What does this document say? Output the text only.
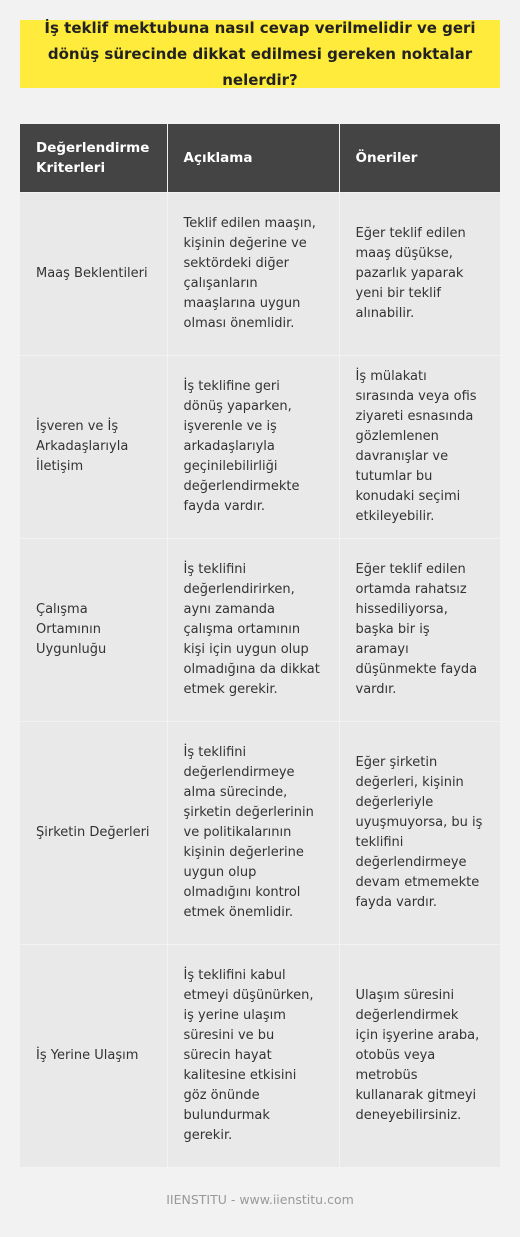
İş teklif mektubuna nasıl cevap verilmelidir ve geri dönüş sürecinde dikkat edilmesi gereken noktalar nelerdir?
Değerlendirme Kriterleri	Açıklama	Öneriler
Maaş Beklentileri	Teklif edilen maaşın, kişinin değerine ve sektördeki diğer çalışanların maaşlarına uygun olması önemlidir.	Eğer teklif edilen maaş düşükse, pazarlık yaparak yeni bir teklif alınabilir.
İşveren ve İş Arkadaşlarıyla İletişim	İş teklifine geri dönüş yaparken, işverenle ve iş arkadaşlarıyla geçinilebilirliği değerlendirmekte fayda vardır.	İş mülakatı sırasında veya ofis ziyareti esnasında gözlemlenen davranışlar ve tutumlar bu konudaki seçimi etkileyebilir.
Çalışma Ortamının Uygunluğu	İş teklifini değerlendirirken, aynı zamanda çalışma ortamının kişi için uygun olup olmadığına da dikkat etmek gerekir.	Eğer teklif edilen ortamda rahatsız hissediliyorsa, başka bir iş aramayı düşünmekte fayda vardır.
Şirketin Değerleri	İş teklifini değerlendirmeye alma sürecinde, şirketin değerlerinin ve politikalarının kişinin değerlerine uygun olup olmadığını kontrol etmek önemlidir.	Eğer şirketin değerleri, kişinin değerleriyle uyuşmuyorsa, bu iş teklifini değerlendirmeye devam etmemekte fayda vardır.
İş Yerine Ulaşım	İş teklifini kabul etmeyi düşünürken, iş yerine ulaşım süresini ve bu sürecin hayat kalitesine etkisini göz önünde bulundurmak gerekir.	Ulaşım süresini değerlendirmek için işyerine araba, otobüs veya metrobüs kullanarak gitmeyi deneyebilirsiniz.
IIENSTITU - www.iienstitu.com
